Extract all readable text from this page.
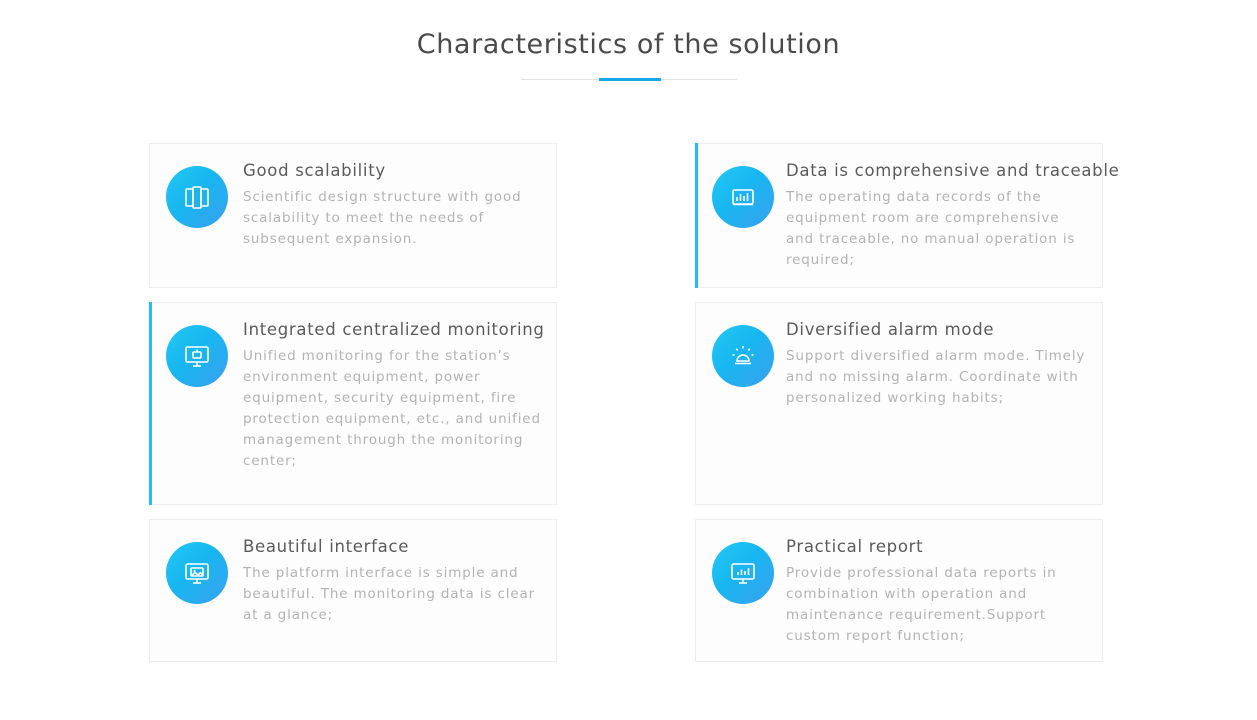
Characteristics of the solution
Good scalability
Scientific design structure with good scalability to meet the needs of subsequent expansion.
Integrated centralized monitoring
Unified monitoring for the station’s environment equipment, power equipment, security equipment, fire protection equipment, etc., and unified management through the monitoring center;
Beautiful interface
The platform interface is simple and beautiful. The monitoring data is clear at a glance;
Data is comprehensive and traceable
The operating data records of the equipment room are comprehensive and traceable, no manual operation is required;
Diversified alarm mode
Support diversified alarm mode. Timely and no missing alarm. Coordinate with personalized working habits;
Practical report
Provide professional data reports in combination with operation and maintenance requirement.Support custom report function;
